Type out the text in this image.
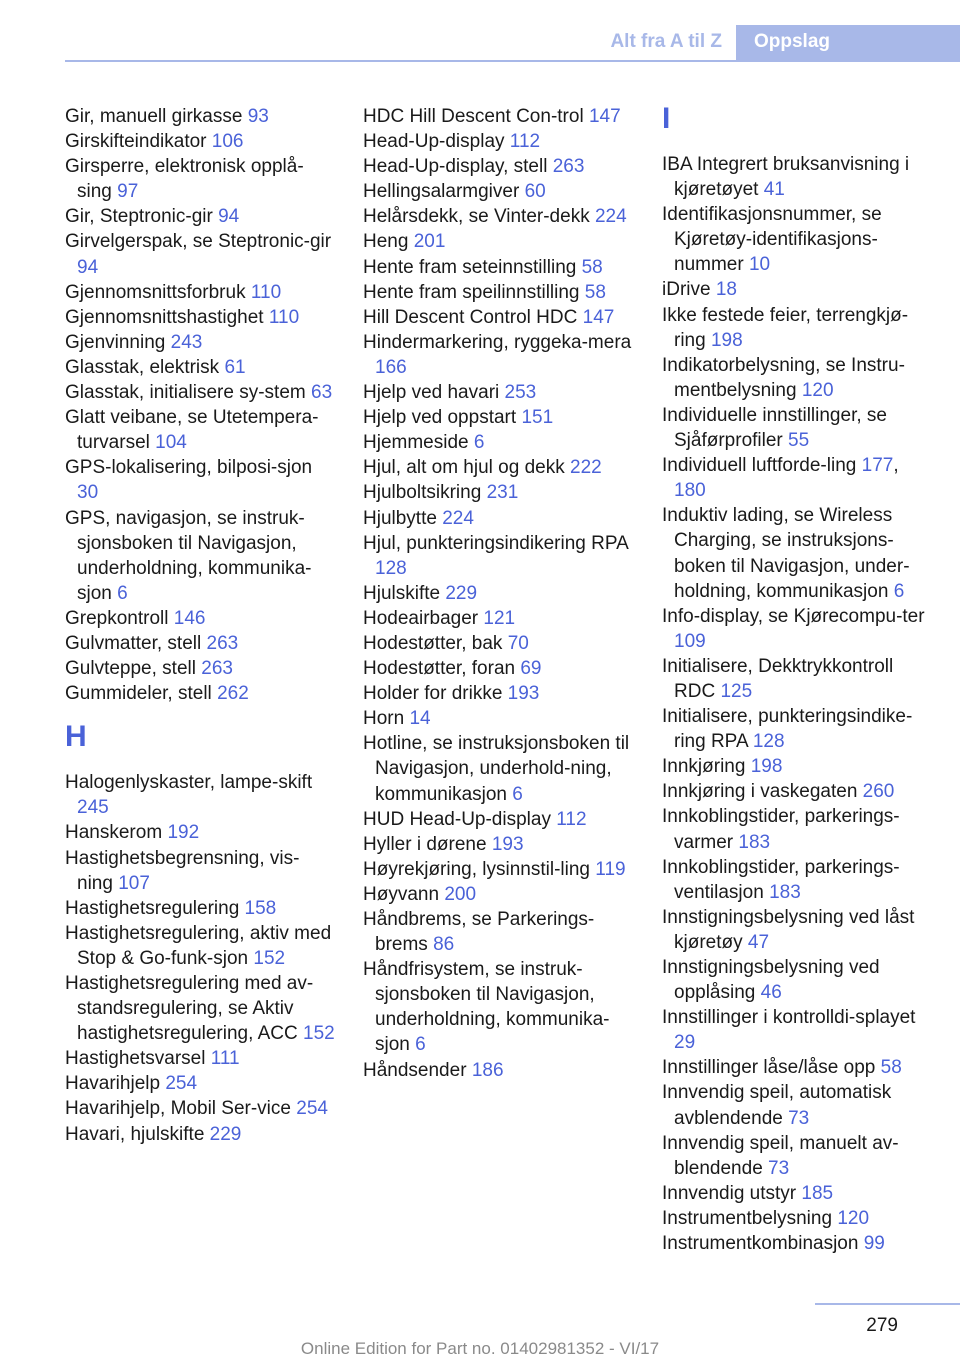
Alt fra A til Z	Oppslag
Gir, manuell girkasse 93
Girskifteindikator 106
Girsperre, elektronisk opplå-sing 97
Gir, Steptronic-gir 94
Girvelgerspak, se Steptronic-gir 94
Gjennomsnittsforbruk 110
Gjennomsnittshastighet 110
Gjenvinning 243
Glasstak, elektrisk 61
Glasstak, initialisere sy-stem 63
Glatt veibane, se Utetempera-turvarsel 104
GPS-lokalisering, bilposi-sjon 30
GPS, navigasjon, se instruk-sjonsboken til Navigasjon, underholdning, kommunika-sjon 6
Grepkontroll 146
Gulvmatter, stell 263
Gulvteppe, stell 263
Gummideler, stell 262
H
Halogenlyskaster, lampe-skift 245
Hanskerom 192
Hastighetsbegrensning, vis-ning 107
Hastighetsregulering 158
Hastighetsregulering, aktiv med Stop & Go-funk-sjon 152
Hastighetsregulering med av-standsregulering, se Aktiv hastighetsregulering, ACC 152
Hastighetsvarsel 111
Havarihjelp 254
Havarihjelp, Mobil Ser-vice 254
Havari, hjulskifte 229
HDC Hill Descent Con-trol 147
Head-Up-display 112
Head-Up-display, stell 263
Hellingsalarmgiver 60
Helårsdekk, se Vinter-dekk 224
Heng 201
Hente fram seteinnstilling 58
Hente fram speilinnstilling 58
Hill Descent Control HDC 147
Hindermarkering, ryggeka-mera 166
Hjelp ved havari 253
Hjelp ved oppstart 151
Hjemmeside 6
Hjul, alt om hjul og dekk 222
Hjulboltsikring 231
Hjulbytte 224
Hjul, punkteringsindikering RPA 128
Hjulskifte 229
Hodeairbager 121
Hodestøtter, bak 70
Hodestøtter, foran 69
Holder for drikke 193
Horn 14
Hotline, se instruksjonsboken til Navigasjon, underhold-ning, kommunikasjon 6
HUD Head-Up-display 112
Hyller i dørene 193
Høyrekjøring, lysinnstil-ling 119
Høyvann 200
Håndbrems, se Parkerings-brems 86
Håndfrisystem, se instruk-sjonsboken til Navigasjon, underholdning, kommunika-sjon 6
Håndsender 186
I
IBA Integrert bruksanvisning i kjøretøyet 41
Identifikasjonsnummer, se Kjøretøy-identifikasjons-nummer 10
iDrive 18
Ikke festede feier, terrengkjø-ring 198
Indikatorbelysning, se Instru-mentbelysning 120
Individuelle innstillinger, se Sjåførprofiler 55
Individuell luftforde-ling 177, 180
Induktiv lading, se Wireless Charging, se instruksjons-boken til Navigasjon, under-holdning, kommunikasjon 6
Info-display, se Kjørecompu-ter 109
Initialisere, Dekktrykkontroll RDC 125
Initialisere, punkteringsindike-ring RPA 128
Innkjøring 198
Innkjøring i vaskegaten 260
Innkoblingstider, parkerings-varmer 183
Innkoblingstider, parkerings-ventilasjon 183
Innstigningsbelysning ved låst kjøretøy 47
Innstigningsbelysning ved opplåsing 46
Innstillinger i kontrolldi-splayet 29
Innstillinger låse/låse opp 58
Innvendig speil, automatisk avblendende 73
Innvendig speil, manuelt av-blendende 73
Innvendig utstyr 185
Instrumentbelysning 120
Instrumentkombinasjon 99
279
Online Edition for Part no. 01402981352 - VI/17
